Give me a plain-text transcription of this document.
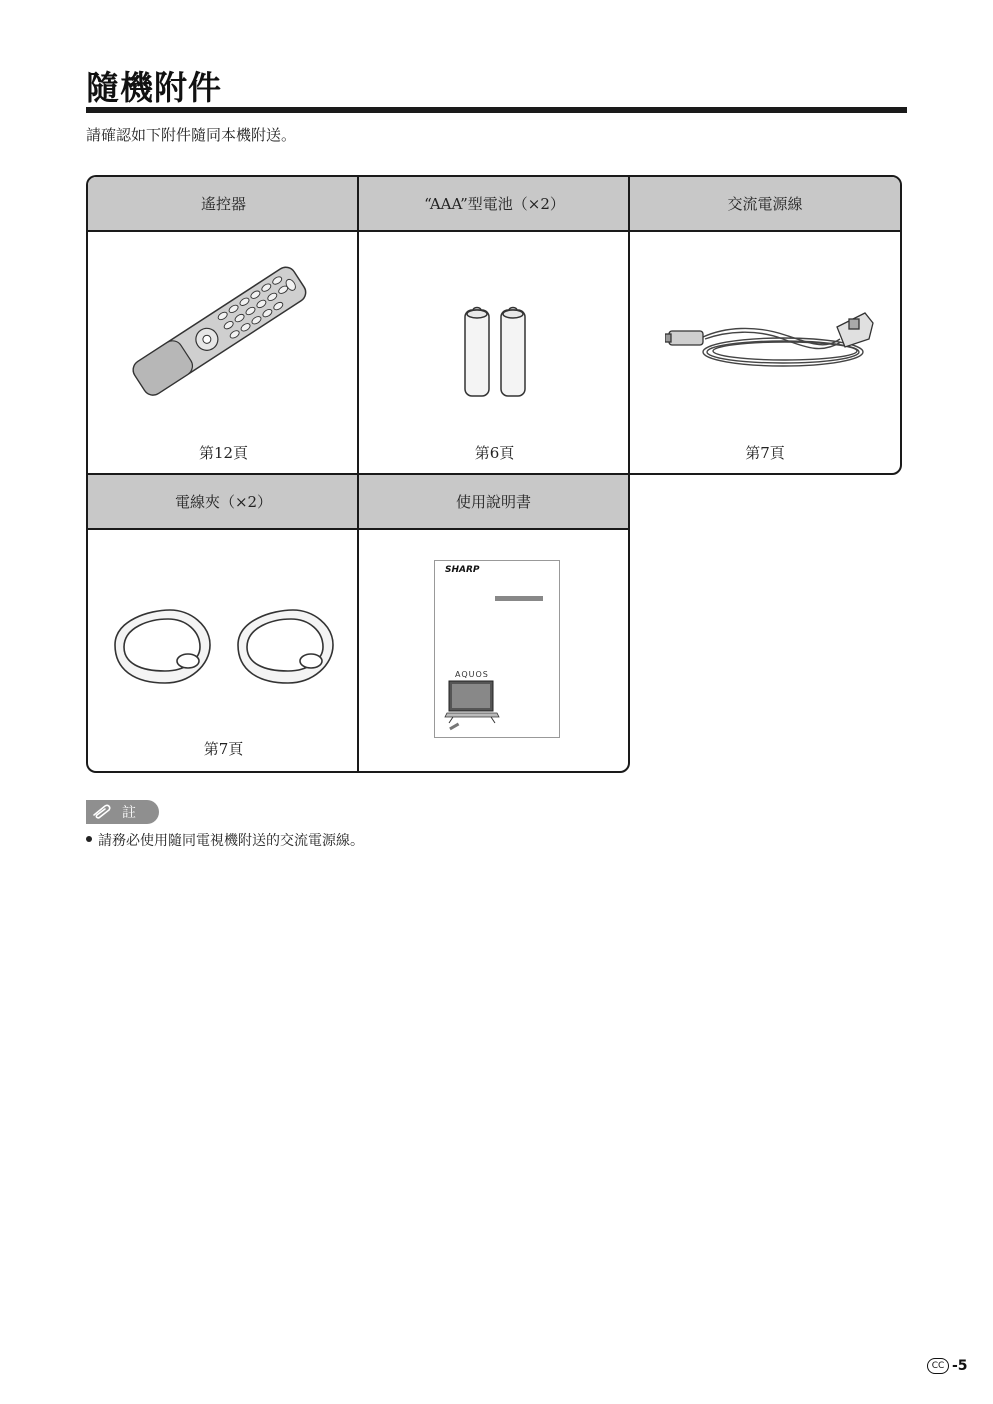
隨機附件
請確認如下附件隨同本機附送。
遙控器
第12頁
“AAA”型電池（×2）
第6頁
交流電源線
第7頁
電線夾（×2）
第7頁
使用說明書
SHARP
AQUOS
註
請務必使用隨同電視機附送的交流電源線。
CC -5
